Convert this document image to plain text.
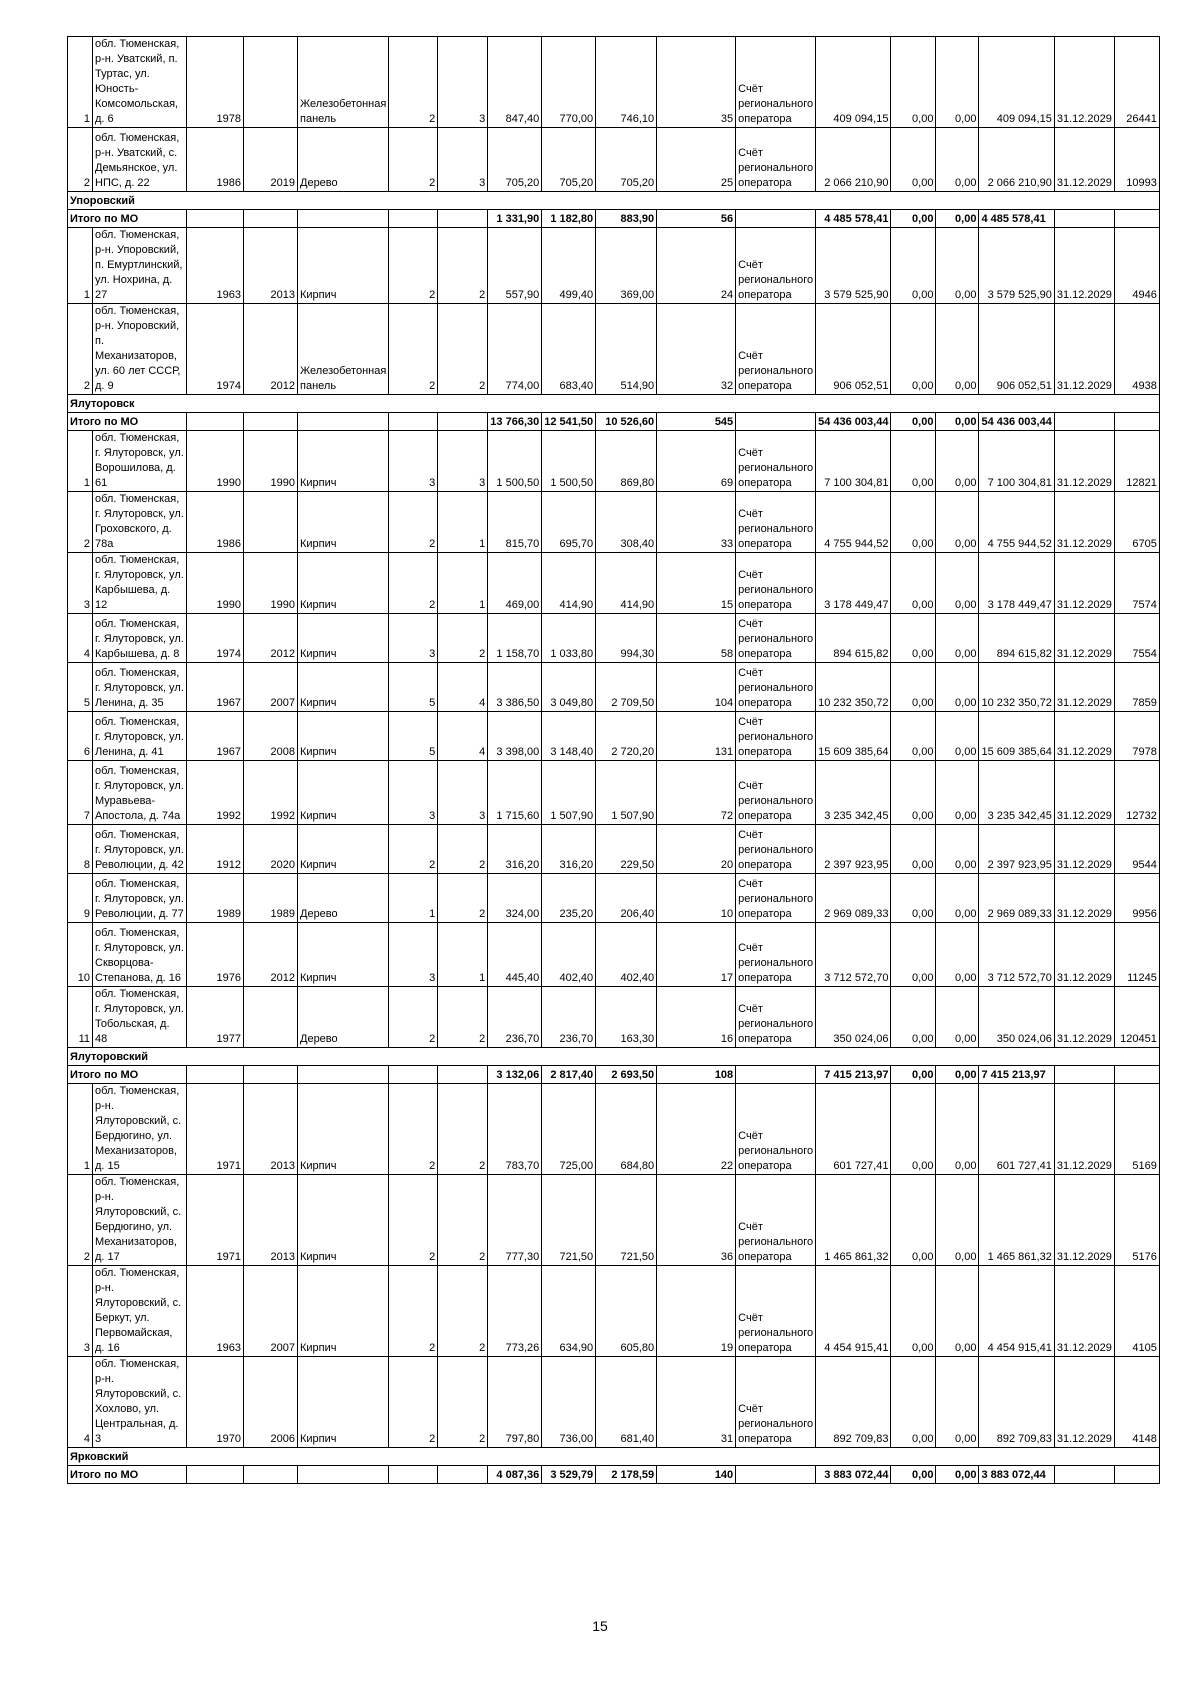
1	обл. Тюменская, р-н. Уватский, п. Туртас, ул. Юность-Комсомольская, д. 6	1978		Железобетонная панель	2	3	847,40	770,00	746,10	35	Счёт регионального оператора	409 094,15	0,00	0,00	409 094,15	31.12.2029	26441
2	обл. Тюменская, р-н. Уватский, с. Демьянское, ул. НПС, д. 22	1986	2019	Дерево	2	3	705,20	705,20	705,20	25	Счёт регионального оператора	2 066 210,90	0,00	0,00	2 066 210,90	31.12.2029	10993
Упоровский																	
Итого по МО							1 331,90	1 182,80	883,90	56		4 485 578,41	0,00	0,00	4 485 578,41		
1	обл. Тюменская, р-н. Упоровский, п. Емуртлинский, ул. Нохрина, д. 27	1963	2013	Кирпич	2	2	557,90	499,40	369,00	24	Счёт регионального оператора	3 579 525,90	0,00	0,00	3 579 525,90	31.12.2029	4946
2	обл. Тюменская, р-н. Упоровский, п. Механизаторов, ул. 60 лет СССР, д. 9	1974	2012	Железобетонная панель	2	2	774,00	683,40	514,90	32	Счёт регионального оператора	906 052,51	0,00	0,00	906 052,51	31.12.2029	4938
Ялуторовск																	
Итого по МО							13 766,30	12 541,50	10 526,60	545		54 436 003,44	0,00	0,00	54 436 003,44		
1	обл. Тюменская, г. Ялуторовск, ул. Ворошилова, д. 61	1990	1990	Кирпич	3	3	1 500,50	1 500,50	869,80	69	Счёт регионального оператора	7 100 304,81	0,00	0,00	7 100 304,81	31.12.2029	12821
2	обл. Тюменская, г. Ялуторовск, ул. Гроховского, д. 78а	1986		Кирпич	2	1	815,70	695,70	308,40	33	Счёт регионального оператора	4 755 944,52	0,00	0,00	4 755 944,52	31.12.2029	6705
3	обл. Тюменская, г. Ялуторовск, ул. Карбышева, д. 12	1990	1990	Кирпич	2	1	469,00	414,90	414,90	15	Счёт регионального оператора	3 178 449,47	0,00	0,00	3 178 449,47	31.12.2029	7574
4	обл. Тюменская, г. Ялуторовск, ул. Карбышева, д. 8	1974	2012	Кирпич	3	2	1 158,70	1 033,80	994,30	58	Счёт регионального оператора	894 615,82	0,00	0,00	894 615,82	31.12.2029	7554
5	обл. Тюменская, г. Ялуторовск, ул. Ленина, д. 35	1967	2007	Кирпич	5	4	3 386,50	3 049,80	2 709,50	104	Счёт регионального оператора	10 232 350,72	0,00	0,00	10 232 350,72	31.12.2029	7859
6	обл. Тюменская, г. Ялуторовск, ул. Ленина, д. 41	1967	2008	Кирпич	5	4	3 398,00	3 148,40	2 720,20	131	Счёт регионального оператора	15 609 385,64	0,00	0,00	15 609 385,64	31.12.2029	7978
7	обл. Тюменская, г. Ялуторовск, ул. Муравьева-Апостола, д. 74а	1992	1992	Кирпич	3	3	1 715,60	1 507,90	1 507,90	72	Счёт регионального оператора	3 235 342,45	0,00	0,00	3 235 342,45	31.12.2029	12732
8	обл. Тюменская, г. Ялуторовск, ул. Революции, д. 42	1912	2020	Кирпич	2	2	316,20	316,20	229,50	20	Счёт регионального оператора	2 397 923,95	0,00	0,00	2 397 923,95	31.12.2029	9544
9	обл. Тюменская, г. Ялуторовск, ул. Революции, д. 77	1989	1989	Дерево	1	2	324,00	235,20	206,40	10	Счёт регионального оператора	2 969 089,33	0,00	0,00	2 969 089,33	31.12.2029	9956
10	обл. Тюменская, г. Ялуторовск, ул. Скворцова-Степанова, д. 16	1976	2012	Кирпич	3	1	445,40	402,40	402,40	17	Счёт регионального оператора	3 712 572,70	0,00	0,00	3 712 572,70	31.12.2029	11245
11	обл. Тюменская, г. Ялуторовск, ул. Тобольская, д. 48	1977		Дерево	2	2	236,70	236,70	163,30	16	Счёт регионального оператора	350 024,06	0,00	0,00	350 024,06	31.12.2029	120451
Ялуторовский																	
Итого по МО							3 132,06	2 817,40	2 693,50	108		7 415 213,97	0,00	0,00	7 415 213,97		
1	обл. Тюменская, р-н. Ялуторовский, с. Бердюгино, ул. Механизаторов, д. 15	1971	2013	Кирпич	2	2	783,70	725,00	684,80	22	Счёт регионального оператора	601 727,41	0,00	0,00	601 727,41	31.12.2029	5169
2	обл. Тюменская, р-н. Ялуторовский, с. Бердюгино, ул. Механизаторов, д. 17	1971	2013	Кирпич	2	2	777,30	721,50	721,50	36	Счёт регионального оператора	1 465 861,32	0,00	0,00	1 465 861,32	31.12.2029	5176
3	обл. Тюменская, р-н. Ялуторовский, с. Беркут, ул. Первомайская, д. 16	1963	2007	Кирпич	2	2	773,26	634,90	605,80	19	Счёт регионального оператора	4 454 915,41	0,00	0,00	4 454 915,41	31.12.2029	4105
4	обл. Тюменская, р-н. Ялуторовский, с. Хохлово, ул. Центральная, д. 3	1970	2006	Кирпич	2	2	797,80	736,00	681,40	31	Счёт регионального оператора	892 709,83	0,00	0,00	892 709,83	31.12.2029	4148
Ярковский																	
Итого по МО							4 087,36	3 529,79	2 178,59	140		3 883 072,44	0,00	0,00	3 883 072,44		
15
